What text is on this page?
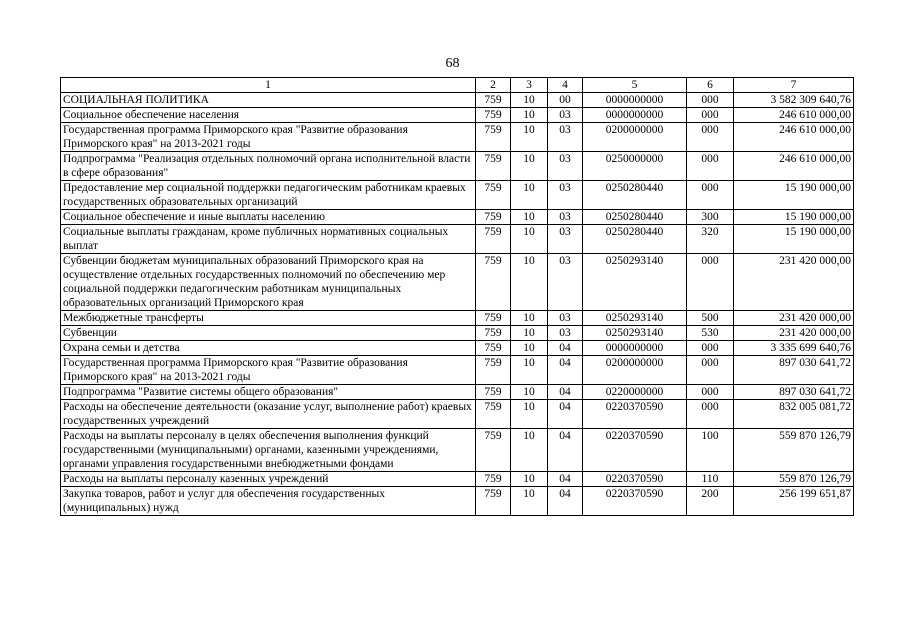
68
1	2	3	4	5	6	7
СОЦИАЛЬНАЯ ПОЛИТИКА	759	10	00	0000000000	000	3 582 309 640,76
Социальное обеспечение населения	759	10	03	0000000000	000	246 610 000,00
Государственная программа Приморского края "Развитие образования Приморского края" на 2013-2021 годы	759	10	03	0200000000	000	246 610 000,00
Подпрограмма "Реализация отдельных полномочий органа исполнительной власти в сфере образования"	759	10	03	0250000000	000	246 610 000,00
Предоставление мер социальной поддержки педагогическим работникам краевых государственных образовательных организаций	759	10	03	0250280440	000	15 190 000,00
Социальное обеспечение и иные выплаты населению	759	10	03	0250280440	300	15 190 000,00
Социальные выплаты гражданам, кроме публичных нормативных социальных выплат	759	10	03	0250280440	320	15 190 000,00
Субвенции бюджетам муниципальных образований Приморского края на осуществление отдельных государственных полномочий по обеспечению мер социальной поддержки педагогическим работникам муниципальных образовательных организаций Приморского края	759	10	03	0250293140	000	231 420 000,00
Межбюджетные трансферты	759	10	03	0250293140	500	231 420 000,00
Субвенции	759	10	03	0250293140	530	231 420 000,00
Охрана семьи и детства	759	10	04	0000000000	000	3 335 699 640,76
Государственная программа Приморского края "Развитие образования Приморского края" на 2013-2021 годы	759	10	04	0200000000	000	897 030 641,72
Подпрограмма "Развитие системы общего образования"	759	10	04	0220000000	000	897 030 641,72
Расходы на обеспечение деятельности (оказание услуг, выполнение работ) краевых государственных учреждений	759	10	04	0220370590	000	832 005 081,72
Расходы на выплаты персоналу в целях обеспечения выполнения функций государственными (муниципальными) органами, казенными учреждениями, органами управления государственными внебюджетными фондами	759	10	04	0220370590	100	559 870 126,79
Расходы на выплаты персоналу казенных учреждений	759	10	04	0220370590	110	559 870 126,79
Закупка товаров, работ и услуг для обеспечения государственных (муниципальных) нужд	759	10	04	0220370590	200	256 199 651,87
